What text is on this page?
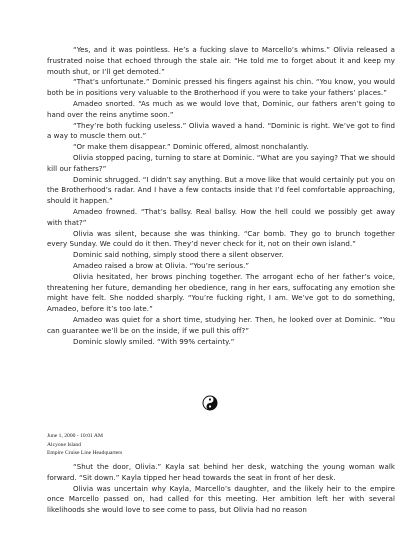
“Yes, and it was pointless. He’s a fucking slave to Marcello’s whims.” Olivia released a frustrated noise that echoed through the stale air. “He told me to forget about it and keep my mouth shut, or I’ll get demoted.”

“That’s unfortunate.” Dominic pressed his fingers against his chin. “You know, you would both be in positions very valuable to the Brotherhood if you were to take your fathers’ places.”

Amadeo snorted. “As much as we would love that, Dominic, our fathers aren’t going to hand over the reins anytime soon.”

“They’re both fucking useless.” Olivia waved a hand. “Dominic is right. We’ve got to find a way to muscle them out.”

“Or make them disappear.” Dominic offered, almost nonchalantly.

Olivia stopped pacing, turning to stare at Dominic. “What are you saying? That we should kill our fathers?”

Dominic shrugged. “I didn’t say anything. But a move like that would certainly put you on the Brotherhood’s radar. And I have a few contacts inside that I’d feel comfortable approaching, should it happen.”

Amadeo frowned. “That’s ballsy. Real ballsy. How the hell could we possibly get away with that?”

Olivia was silent, because she was thinking. “Car bomb. They go to brunch together every Sunday. We could do it then. They’d never check for it, not on their own island.”

Dominic said nothing, simply stood there a silent observer.

Amadeo raised a brow at Olivia. “You’re serious.”

Olivia hesitated, her brows pinching together. The arrogant echo of her father’s voice, threatening her future, demanding her obedience, rang in her ears, suffocating any emotion she might have felt. She nodded sharply. “You’re fucking right, I am. We’ve got to do something, Amadeo, before it’s too late.”

Amadeo was quiet for a short time, studying her. Then, he looked over at Dominic. “You can guarantee we’ll be on the inside, if we pull this off?”

Dominic slowly smiled. “With 99% certainty.”

June 1, 2000 - 10:01 AM
Alcyone Island
Empire Cruise Line Headquarters

“Shut the door, Olivia.” Kayla sat behind her desk, watching the young woman walk forward. “Sit down.” Kayla tipped her head towards the seat in front of her desk.

Olivia was uncertain why Kayla, Marcello’s daughter, and the likely heir to the empire once Marcello passed on, had called for this meeting. Her ambition left her with several likelihoods she would love to see come to pass, but Olivia had no reason
